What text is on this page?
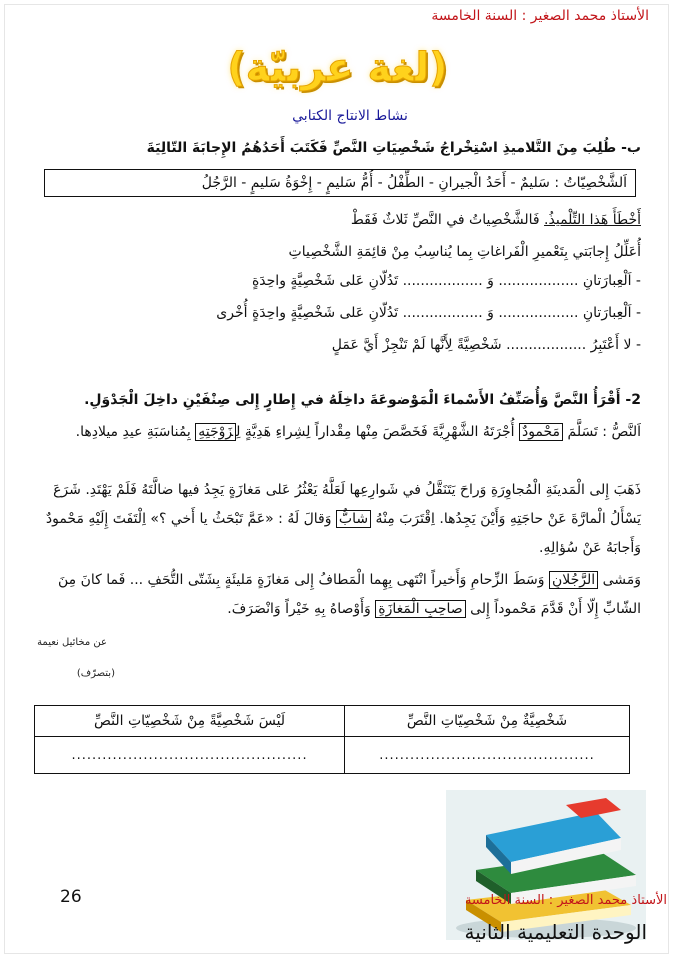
الأستاذ محمد الصغير : السنة الخامسة
(لغة عربيّة)
نشاط الانتاج الكتابي
ب- طُلِبَ مِنَ التَّلاميذِ اسْتِخْراجُ شَخْصِيَاتِ النَّصِّ فَكَتَبَ أَحَدُهُمُ الإِجابَةَ التّالِيَةَ
اَلشَّخْصِيّاتُ : سَليمٌ - أَحَدُ الْجيرانِ - الطِّفْلُ - أُمُّ سَليمٍ - إِخْوَةُ سَليمٍ - الرَّجُلُ
أَخْطَأَ هَذا التِّلْميذُ. فَالشَّخْصِياتُ في النَّصِّ ثَلاثٌ فَقَطْ
أُعَلِّلُ إِجابَتي بِتَعْميرِ الْفَراغاتِ بِما يُناسِبُ مِنْ قائِمَةِ الشَّخْصِياتِ
- اَلْعِبارَتانِ .................. وَ .................. تَدُلّانِ عَلى شَخْصِيَّةٍ واحِدَةٍ
- اَلْعِبارَتانِ .................. وَ .................. تَدُلّانِ عَلى شَخْصِيَّةٍ واحِدَةٍ أُخْرى
- لا أَعْتَبِرُ .................. شَخْصِيَّةً لِأَنَّها لَمْ تَنْجِزْ أَيَّ عَمَلٍ
2- أَقْرَأُ النَّصَّ وَأُصَنِّفُ الأَسْماءَ الْمَوْضوعَةَ داخِلَهُ في إِطارٍ إِلى صِنْفَيْنِ داخِلَ الْجَدْوَلِ.
اَلنَّصُّ : تَسَلَّمَ مَحْمودٌ أُجْرَتَهُ الشَّهْرِيَّةَ فَخَصَّصَ مِنْها مِقْداراً لِشِراءِ هَدِيَّةٍ لِزَوْجَتِهِ بِمُناسَبَةِ عيدِ ميلادِها.
ذَهَبَ إِلى الْمَدينَةِ الْمُجاوِرَةِ وَراحَ يَتَنَقَّلُ في شَوارِعِها لَعَلَّهُ يَعْثُرُ عَلى مَغازَةٍ يَجِدُ فيها ضالَّتَهُ فَلَمْ يَهْتَدِ. شَرَعَ يَسْأَلُ الْمارَّةَ عَنْ حاجَتِهِ وَأَيْنَ يَجِدُها. اِقْتَرَبَ مِنْهُ شابٌّ وَقالَ لَهُ : «عَمَّ تَبْحَثُ يا أَخي ؟» اِلْتَفَتَ إِلَيْهِ مَحْمودٌ وَأَجابَهُ عَنْ سُؤالِهِ.
وَمَشى الرَّجُلانِ وَسَطَ الزِّحامِ وَأَخيراً انْتَهى بِهِما الْمَطافُ إِلى مَغازَةٍ مَليئَةٍ بِشَتّى التُّحَفِ ... فَما كانَ مِنَ الشّابِّ إِلّا أَنْ قَدَّمَ مَحْموداً إِلى صاحِبِ الْمَغازَةِ وَأَوْصاهُ بِهِ خَيْراً وَانْصَرَفَ.
عن مخائيل نعيمة
(بتصرّف)
شَخْصِيَّةٌ مِنْ شَخْصِيّاتِ النَّصِّ	لَيْسَ شَخْصِيَّةً مِنْ شَخْصِيّاتِ النَّصِّ
..........................................	..............................................
26	الأستاذ محمد الصغير : السنة الخامسة
الوحدة التعليمية الثانية
